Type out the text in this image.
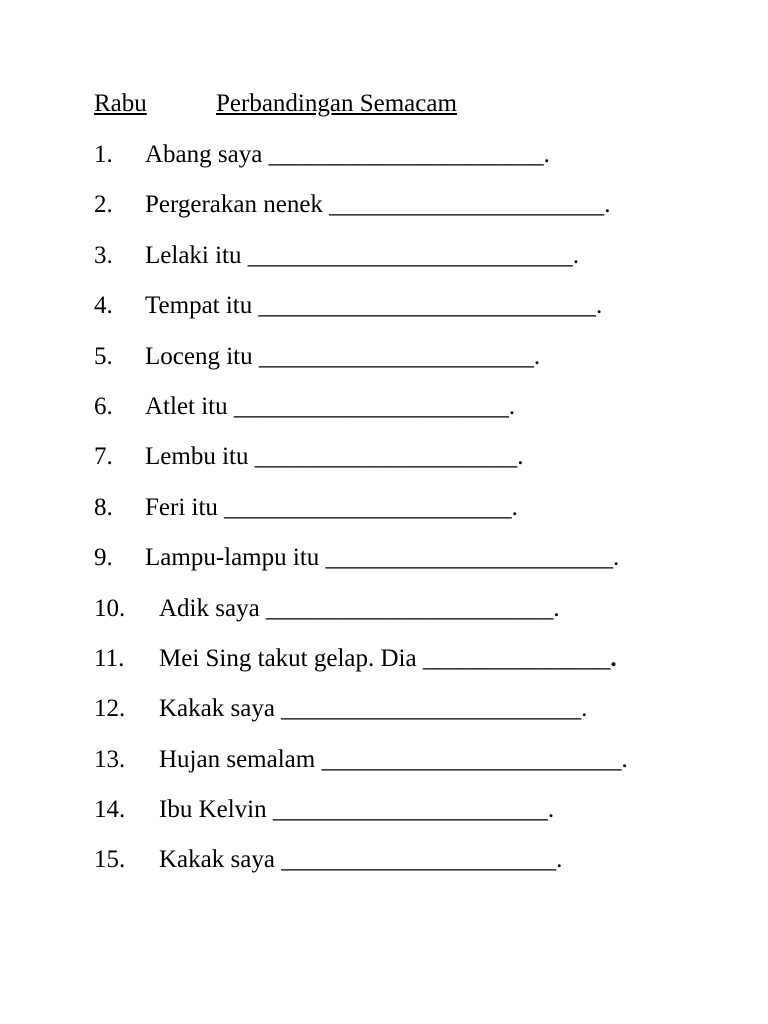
Rabu	Perbandingan Semacam
1. Abang saya ______________________.
2. Pergerakan nenek ______________________.
3. Lelaki itu __________________________.
4. Tempat itu ___________________________.
5. Loceng itu ______________________.
6. Atlet itu ______________________.
7. Lembu itu _____________________.
8. Feri itu _______________________.
9. Lampu-lampu itu _______________________.
10. Adik saya _______________________.
11. Mei Sing takut gelap. Dia _______________.
12. Kakak saya ________________________.
13. Hujan semalam ________________________.
14. Ibu Kelvin ______________________.
15. Kakak saya ______________________.
